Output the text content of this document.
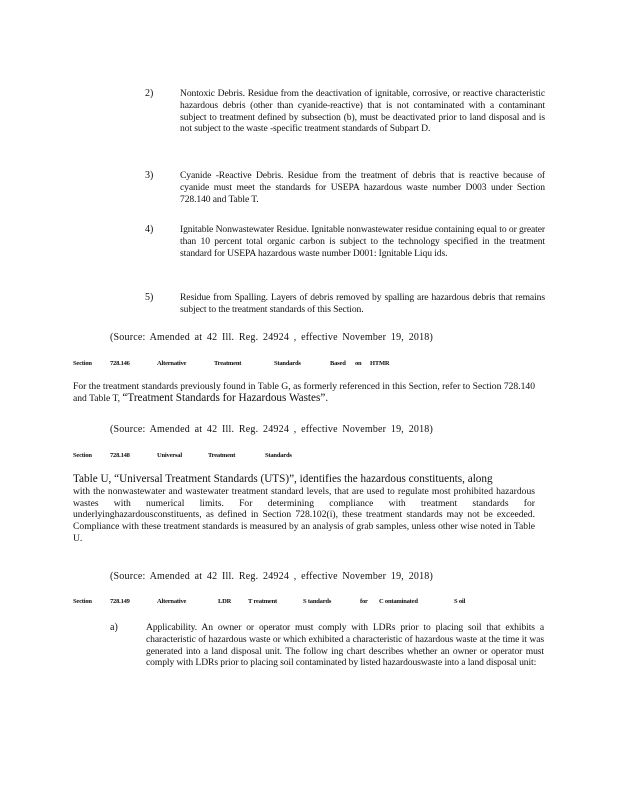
2)	Nontoxic Debris. Residue from the deactivation of ignitable, corrosive, or reactive characteristic hazardous debris (other than cyanide-reactive) that is not contaminated with a contaminant subject to treatment defined by subsection (b), must be deactivated prior to land disposal and is not subject to the waste -specific treatment standards of Subpart D.
3)	Cyanide -Reactive Debris. Residue from the treatment of debris that is reactive because of cyanide must meet the standards for USEPA hazardous waste number D003 under Section 728.140 and Table T.
4)	Ignitable Nonwastewater Residue. Ignitable nonwastewater residue containing equal to or greater than 10 percent total organic carbon is subject to the technology specified in the treatment standard for USEPA hazardous waste number D001: Ignitable Liqu ids.
5)	Residue from Spalling. Layers of debris removed by spalling are hazardous debris that remains subject to the treatment standards of this Section.
(Source: Amended at 42 Ill. Reg. 24924 , effective November 19, 2018)
Section	728.146	Alternative	Treatment	Standards	Based	on	HTMR
For the treatment standards previously found in Table G, as formerly referenced in this Section, refer to Section 728.140 and Table T, “Treatment Standards for Hazardous Wastes”.
(Source: Amended at 42 Ill. Reg. 24924 , effective November 19, 2018)
Section	728.148	Universal	Treatment	Standards
Table U, “Universal Treatment Standards (UTS)”, identifies the hazardous constituents, along
with the nonwastewater and wastewater treatment standard levels, that are used to regulate most prohibited hazardous wastes with numerical limits. For determining compliance with treatment standards for underlyinghazardousconstituents, as defined in Section 728.102(i), these treatment standards may not be exceeded. Compliance with these treatment standards is measured by an analysis of grab samples, unless other wise noted in Table U.
(Source: Amended at 42 Ill. Reg. 24924 , effective November 19, 2018)
Section	728.149	Alternative	LDR	T reatment	S tandards	for	C ontaminated	S oil
a)	Applicability. An owner or operator must comply with LDRs prior to placing soil that exhibits a characteristic of hazardous waste or which exhibited a characteristic of hazardous waste at the time it was generated into a land disposal unit. The follow ing chart describes whether an owner or operator must comply with LDRs prior to placing soil contaminated by listed hazardouswaste into a land disposal unit:
